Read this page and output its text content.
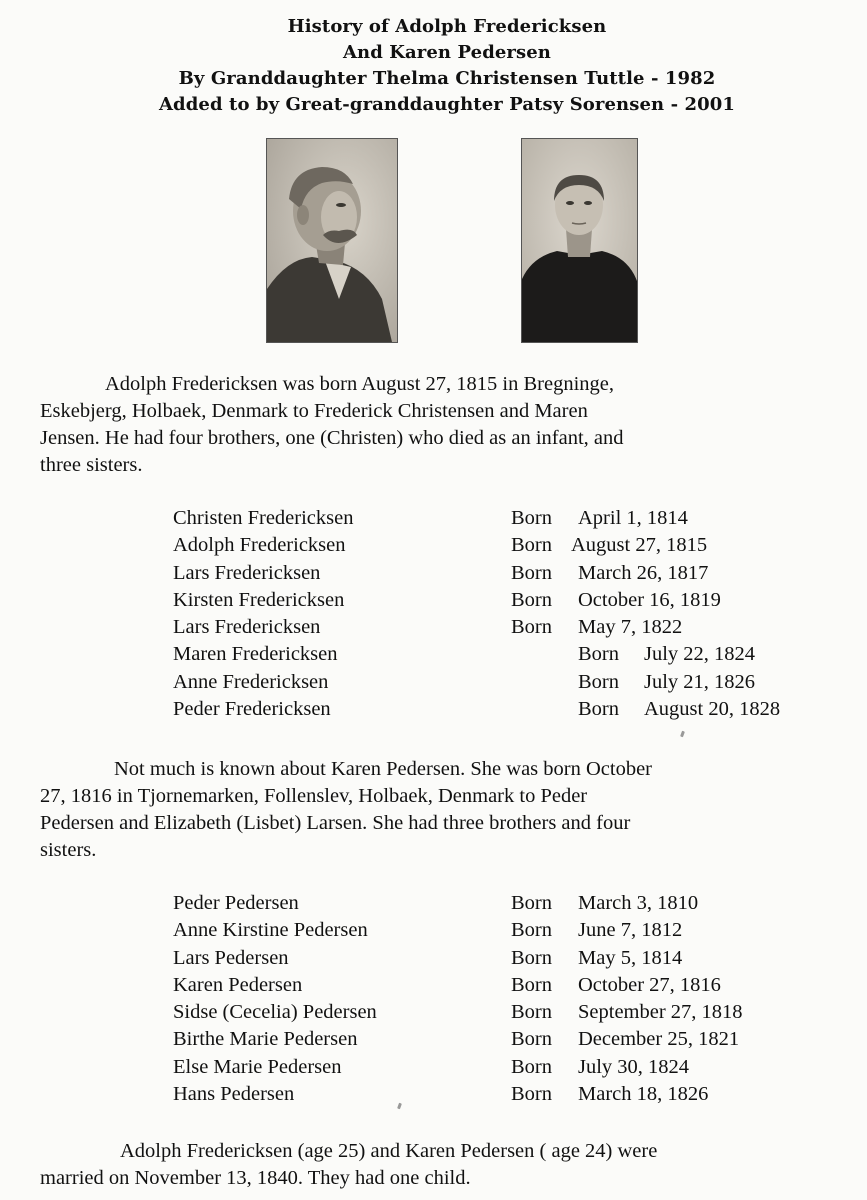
History of Adolph Fredericksen
And Karen Pedersen
By Granddaughter Thelma Christensen Tuttle - 1982
Added to by Great-granddaughter Patsy Sorensen - 2001
Adolph Fredericksen was born August 27, 1815 in Bregninge,
Eskebjerg, Holbaek, Denmark to Frederick Christensen and Maren
Jensen. He had four brothers, one (Christen) who died as an infant, and
three sisters.
Christen Fredericksen	Born April 1, 1814
Adolph Fredericksen	Born August 27, 1815
Lars Fredericksen	Born March 26, 1817
Kirsten Fredericksen	Born October 16, 1819
Lars Fredericksen	Born May 7, 1822
Maren Fredericksen	Born July 22, 1824
Anne Fredericksen	Born July 21, 1826
Peder Fredericksen	Born August 20, 1828
Not much is known about Karen Pedersen. She was born October
27, 1816 in Tjornemarken, Follenslev, Holbaek, Denmark to Peder
Pedersen and Elizabeth (Lisbet) Larsen. She had three brothers and four
sisters.
Peder Pedersen	Born March 3, 1810
Anne Kirstine Pedersen	Born June 7, 1812
Lars Pedersen	Born May 5, 1814
Karen Pedersen	Born October 27, 1816
Sidse (Cecelia) Pedersen	Born September 27, 1818
Birthe Marie Pedersen	Born December 25, 1821
Else Marie Pedersen	Born July 30, 1824
Hans Pedersen	Born March 18, 1826
Adolph Fredericksen (age 25) and Karen Pedersen ( age 24) were
married on November 13, 1840. They had one child.
